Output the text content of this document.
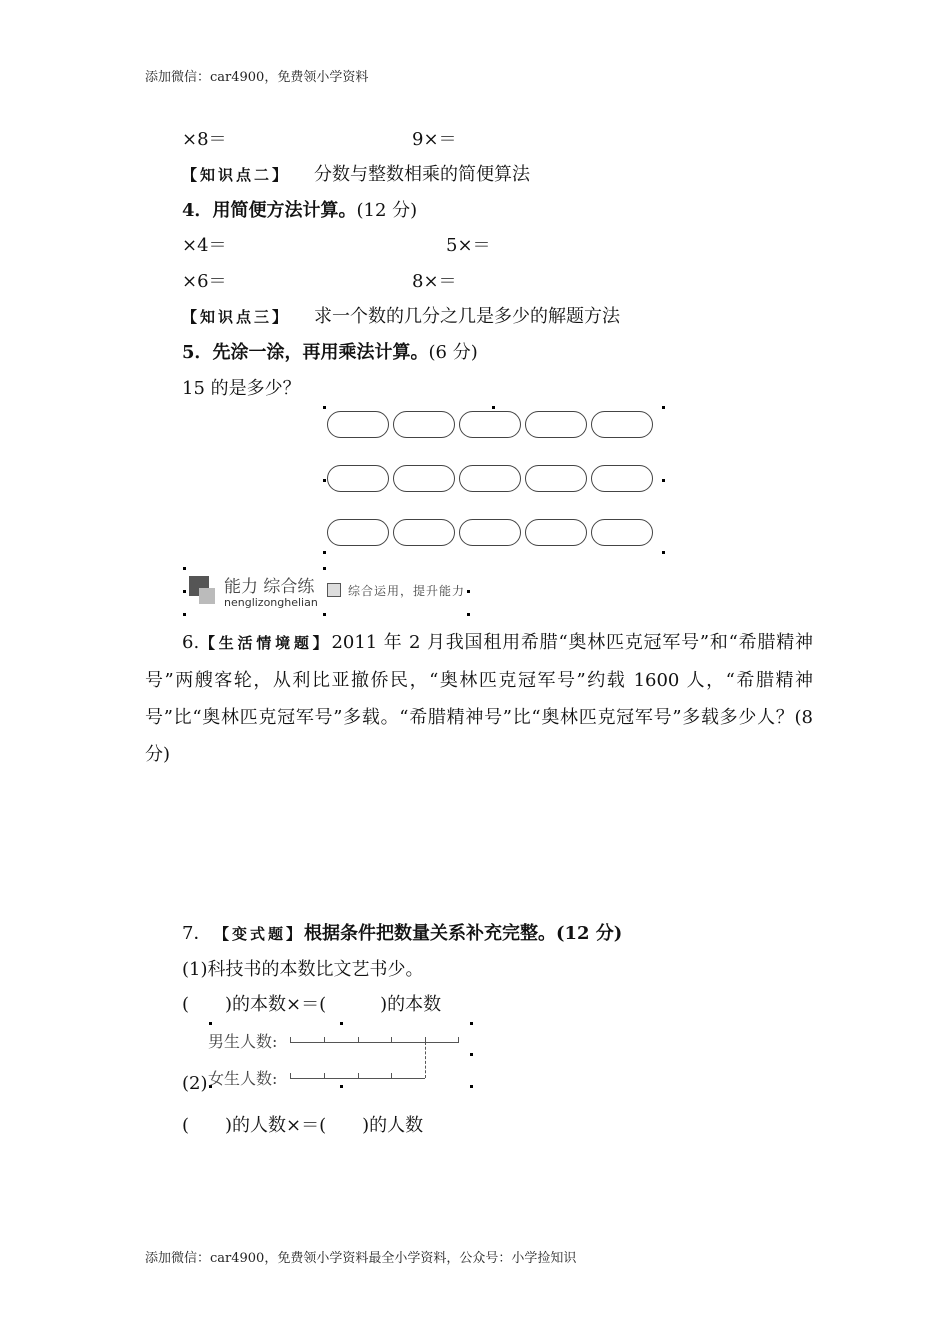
添加微信：car4900，免费领小学资料
×8＝	9×＝
【知识点二】 分数与整数相乘的简便算法
4．用简便方法计算。(12 分)
×4＝	5×＝
×6＝	8×＝
【知识点三】 求一个数的几分之几是多少的解题方法
5．先涂一涂，再用乘法计算。(6 分)
15 的是多少？
能力 综合练
nenglizonghelian
综合运用，提升能力
6.【生活情境题】2011 年 2 月我国租用希腊“奥林匹克冠军号”和“希腊精神号”两艘客轮，从利比亚撤侨民，“奥林匹克冠军号”约载 1600 人，“希腊精神号”比“奥林匹克冠军号”多载。“希腊精神号”比“奥林匹克冠军号”多载多少人？(8 分)
7． 【变式题】根据条件把数量关系补充完整。(12 分)
(1)科技书的本数比文艺书少。
(　　)的本数×＝(　　　)的本数
男生人数:
女生人数:
(2)
(　　)的人数×＝(　　)的人数
添加微信：car4900，免费领小学资料最全小学资料，公众号：小学捡知识
